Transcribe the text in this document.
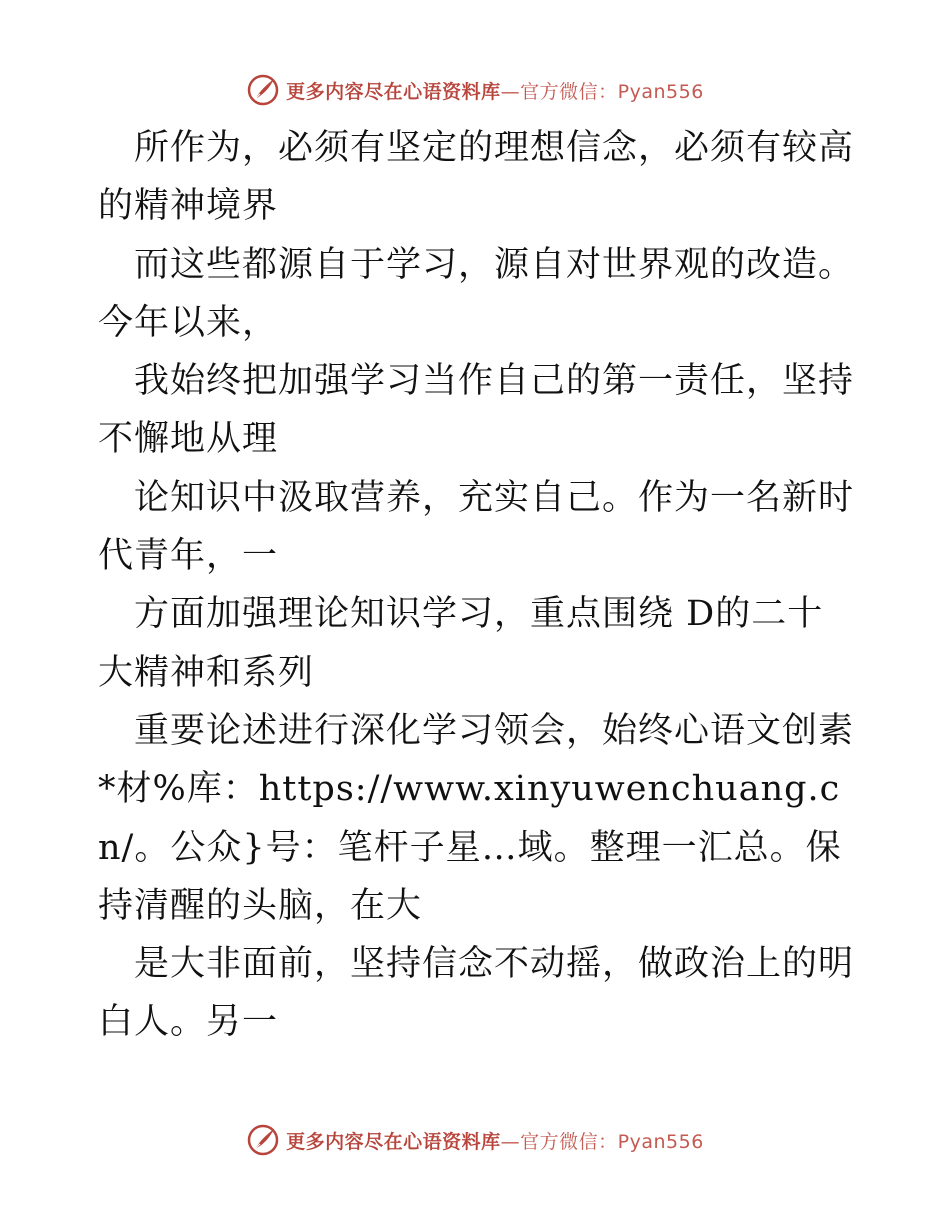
更多内容尽在心语资料库—官方微信：Pyan556

所作为，必须有坚定的理想信念，必须有较高的精神境界

而这些都源自于学习，源自对世界观的改造。今年以来，

我始终把加强学习当作自己的第一责任，坚持不懈地从理

论知识中汲取营养，充实自己。作为一名新时代青年，一

方面加强理论知识学习，重点围绕 D的二十大精神和系列

重要论述进行深化学习领会，始终心语文创素*材%库：https://www.xinyuwenchuang.cn/。公众}号：笔杆子星…域。整理一汇总。保持清醒的头脑，在大

是大非面前，坚持信念不动摇，做政治上的明白人。另一

更多内容尽在心语资料库—官方微信：Pyan556
